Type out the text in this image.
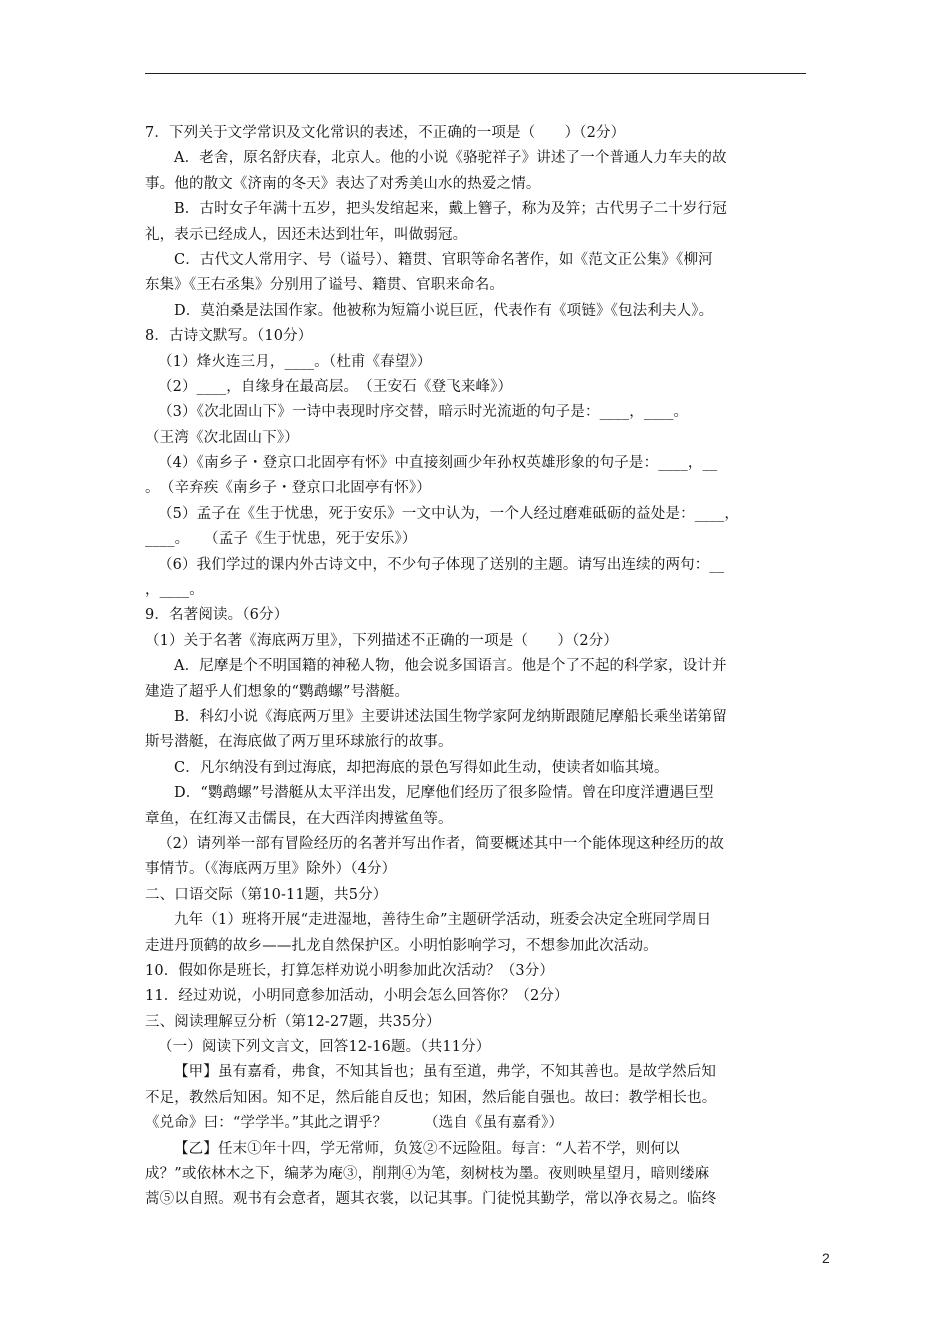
7．下列关于文学常识及文化常识的表述，不正确的一项是（　　）（2分）
A．老舍，原名舒庆春，北京人。他的小说《骆驼祥子》讲述了一个普通人力车夫的故
事。他的散文《济南的冬天》表达了对秀美山水的热爱之情。
B．古时女子年满十五岁，把头发绾起来，戴上簪子，称为及笄；古代男子二十岁行冠
礼，表示已经成人，因还未达到壮年，叫做弱冠。
C．古代文人常用字、号（谥号）、籍贯、官职等命名著作，如《范文正公集》《柳河
东集》《王右丞集》分别用了谥号、籍贯、官职来命名。
D．莫泊桑是法国作家。他被称为短篇小说巨匠，代表作有《项链》《包法利夫人》。
8．古诗文默写。（10分）
（1）烽火连三月，____。（杜甫《春望》）
（2）____，自缘身在最高层。　（王安石《登飞来峰》）
（3）《次北固山下》一诗中表现时序交替，暗示时光流逝的句子是：____，____。
（王湾《次北固山下》）
（4）《南乡子・登京口北固亭有怀》中直接刻画少年孙权英雄形象的句子是：____，__
。　（辛弃疾《南乡子・登京口北固亭有怀》）
（5）孟子在《生于忧患，死于安乐》一文中认为，一个人经过磨难砥砺的益处是：____，
____。　　（孟子《生于忧患，死于安乐》）
（6）我们学过的课内外古诗文中，不少句子体现了送别的主题。请写出连续的两句：__
，____。
9．名著阅读。（6分）
（1）关于名著《海底两万里》，下列描述不正确的一项是（　　）（2分）
A．尼摩是个不明国籍的神秘人物，他会说多国语言。他是个了不起的科学家，设计并
建造了超乎人们想象的“鹦鹉螺”号潜艇。
B．科幻小说《海底两万里》主要讲述法国生物学家阿龙纳斯跟随尼摩船长乘坐诺第留
斯号潜艇，在海底做了两万里环球旅行的故事。
C．凡尔纳没有到过海底，却把海底的景色写得如此生动，使读者如临其境。
D．“鹦鹉螺”号潜艇从太平洋出发，尼摩他们经历了很多险情。曾在印度洋遭遇巨型
章鱼，在红海又击儒艮，在大西洋肉搏鲨鱼等。
（2）请列举一部有冒险经历的名著并写出作者，简要概述其中一个能体现这种经历的故
事情节。（《海底两万里》除外）（4分）
二、口语交际（第10-11题，共5分）
九年（1）班将开展“走进湿地，善待生命”主题研学活动，班委会决定全班同学周日
走进丹顶鹤的故乡——扎龙自然保护区。小明怕影响学习，不想参加此次活动。
10．假如你是班长，打算怎样劝说小明参加此次活动？（3分）
11．经过劝说，小明同意参加活动，小明会怎么回答你？（2分）
三、阅读理解豆分析（第12-27题，共35分）
（一）阅读下列文言文，回答12-16题。（共11分）
【甲】虽有嘉肴，弗食，不知其旨也；虽有至道，弗学，不知其善也。是故学然后知
不足，教然后知困。知不足，然后能自反也；知困，然后能自强也。故曰：教学相长也。
《兑命》曰：“学学半。”其此之谓乎？　　　（选自《虽有嘉肴》）
【乙】任末①年十四，学无常师，负笈②不远险阻。每言：“人若不学，则何以
成？”或依林木之下，编茅为庵③，削荆④为笔，刻树枝为墨。夜则映星望月，暗则缕麻
蒿⑤以自照。观书有会意者，题其衣裳，以记其事。门徒悦其勤学，常以净衣易之。临终
2
